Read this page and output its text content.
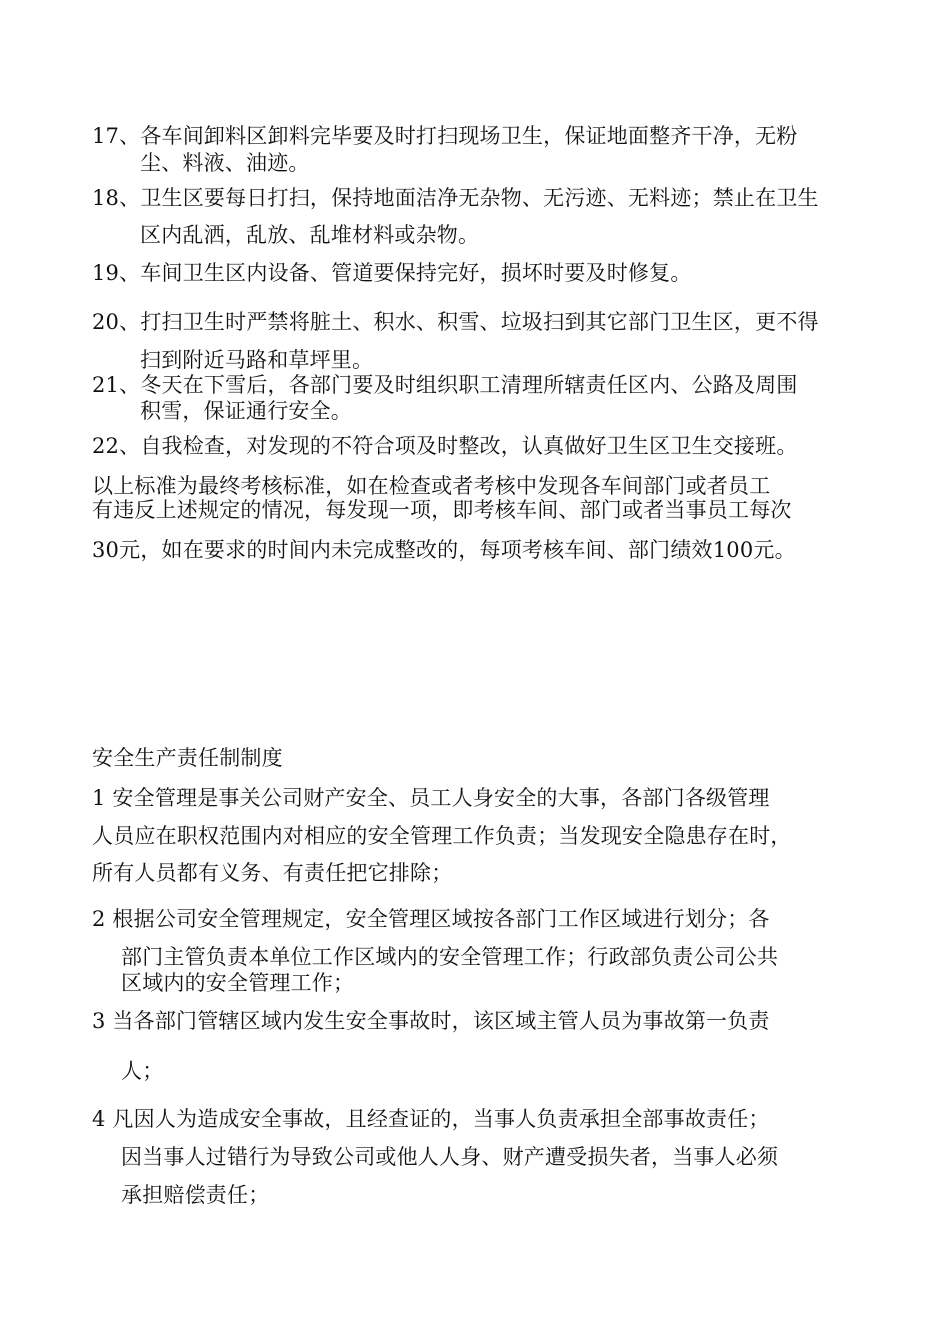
17、各车间卸料区卸料完毕要及时打扫现场卫生，保证地面整齐干净，无粉
尘、料液、油迹。
18、卫生区要每日打扫，保持地面洁净无杂物、无污迹、无料迹；禁止在卫生
区内乱洒，乱放、乱堆材料或杂物。
19、车间卫生区内设备、管道要保持完好，损坏时要及时修复。
20、打扫卫生时严禁将脏土、积水、积雪、垃圾扫到其它部门卫生区，更不得
扫到附近马路和草坪里。
21、冬天在下雪后，各部门要及时组织职工清理所辖责任区内、公路及周围
积雪，保证通行安全。
22、自我检查，对发现的不符合项及时整改，认真做好卫生区卫生交接班。
以上标准为最终考核标准，如在检查或者考核中发现各车间部门或者员工
有违反上述规定的情况，每发现一项，即考核车间、部门或者当事员工每次
30元，如在要求的时间内未完成整改的，每项考核车间、部门绩效100元。
安全生产责任制制度
1 安全管理是事关公司财产安全、员工人身安全的大事，各部门各级管理
人员应在职权范围内对相应的安全管理工作负责；当发现安全隐患存在时，
所有人员都有义务、有责任把它排除；
2 根据公司安全管理规定，安全管理区域按各部门工作区域进行划分；各
部门主管负责本单位工作区域内的安全管理工作；行政部负责公司公共
区域内的安全管理工作；
3 当各部门管辖区域内发生安全事故时，该区域主管人员为事故第一负责
人；
4 凡因人为造成安全事故，且经查证的，当事人负责承担全部事故责任；
因当事人过错行为导致公司或他人人身、财产遭受损失者，当事人必须
承担赔偿责任；
